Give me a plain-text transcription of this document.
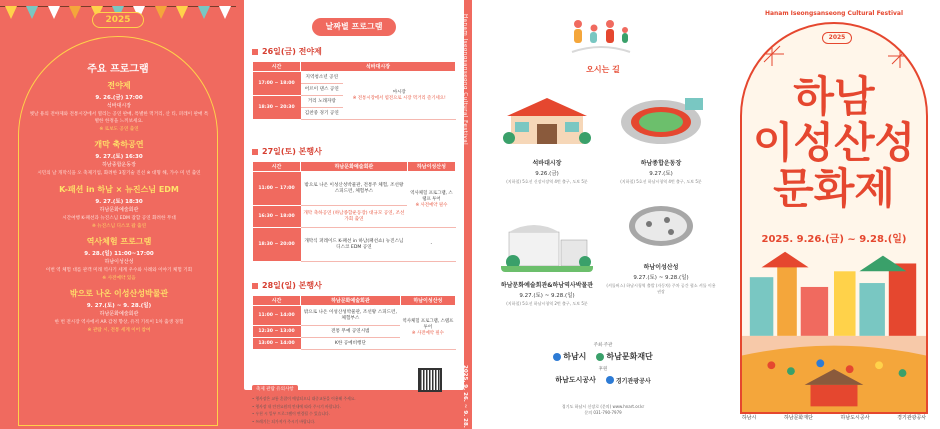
2025
주요 프로그램
전야제
9. 26.(금) 17:00
석바대시장
옛날 용의 전야제와 전통시장에서 열리는 공연 판매, 특별한 먹거리, 산 티, 퍼레이 판매 특별한 한정을 느끼보세요.
※ 로보도 공연 출연
개막 축하공연
9. 27.(토) 16:30
하남종합운동장
시민의 날 개막식을 오 축제기업, 화려한 3칠기술 진선 ※ 대형 해, 가수 미 빈 출연
K-패션 in 하남 × 뉴진스님 EDM
9. 27.(토) 18:30
하남문화예술회관
시간여행 K-패션과 뉴진스님 EDM 잡합 공연 화려한 무대
※ 뉴진스님 디스코 팝 출연
역사체험 프로그램
9. 28.(일) 11:00~17:00
하남이성산성
이번 역 체험 대를 관객 미래 역사기 세계 우수와 사례와 이야기 체험 기회
※ 사전예약 있음
밖으로 나온 이성산성박물관
9. 27.(토) ~ 9. 28.(일)
하남문화예술회관
한 번 전시장 역사에서 AR 감정 향상, 유적 기록이 1차 출생 경험
※ 관람 시, 전통 세계 이어 참여
날짜별 프로그램
26일(금) 전야제
시간	석바대시장	
17:00 ~ 18:00	지역청소년 공연	마시장
※ 전통시장에서 엽전으로 시장 먹거리 즐기세요!

	어르이 댄스 공연	
18:30 ~ 20:30	거리 노래자랑	
	김찬중 경기 공연	
27일(토) 본행사
시간	하남문화예술회관	하남이성산성
11:00 ~ 17:00	밖으로 나온 이성산성박물관, 전통주 체험, 조선왕 스피드런, 체험부스	역사체험 프로그램, 스탬프 투어
※ 사전예약 필수

16:30 ~ 18:00	개막 축하공연 (하남종합운동장) 대규모 공연, 조선 가회 출연	
18:30 ~ 20:00	개막식 퍼레이드 K-패션 in 하남(패션쇼) 뉴진스님 디스코 EDM 공연	-
28일(일) 본행사
시간	하남문화예술회관	하남이성산성
11:00 ~ 14:00	밖으로 나온 이성산성박물관, 조선왕 스피드런, 체험부스	역사체험 프로그램, 스탬프 투어
※ 사전예약 필수

12:30 ~ 13:00	전통 무예 공연시범	
13:00 ~ 14:00	K한 공예비행단	
축제 관람 유의사항
• 행사장은 교통 혼잡이 예상되오니 대중교통을 이용해 주세요.
• 행사장 내 안전요원의 안내에 따라 주시기 바랍니다.
• 우천 시 일부 프로그램이 변경될 수 있습니다.
• 쓰레기는 되가져가 주시기 바랍니다.
Hanam Iseongsanseong Cultural Festival
2025. 9. 26. ~ 9. 28.
오시는 길
석바대시장
9.26.(금)
(지하철) 5호선 신장시장역 4번 출구, 도보 5분
하남종합운동장
9.27.(토)
(지하철) 5호선 하남시청역 4번 출구, 도보 5분
하남문화예술회관&하남역사박물관
9.27.(토) ~ 9.28.(일)
(지하철) 5호선 하남시청역 2번 출구, 도보 5분
하남이성산성
9.27.(토) ~ 9.28.(일)
(셔틀버스) 하남시청역 출발 (자동차) 주차 공간 협소 셔틀 이용 권장
주최·주관
하남시	하남문화재단
후원
하남도시공사	경기관광공사
경기도 하남시 신장로 (문의) www.hnart.or.kr
문의 031-790-7979
Hanam Iseongsanseong Cultural Festival
2025
하남
이성산성
문화제
2025. 9.26.(금) ~ 9.28.(일)
하남시	하남문화재단	하남도시공사	경기관광공사
